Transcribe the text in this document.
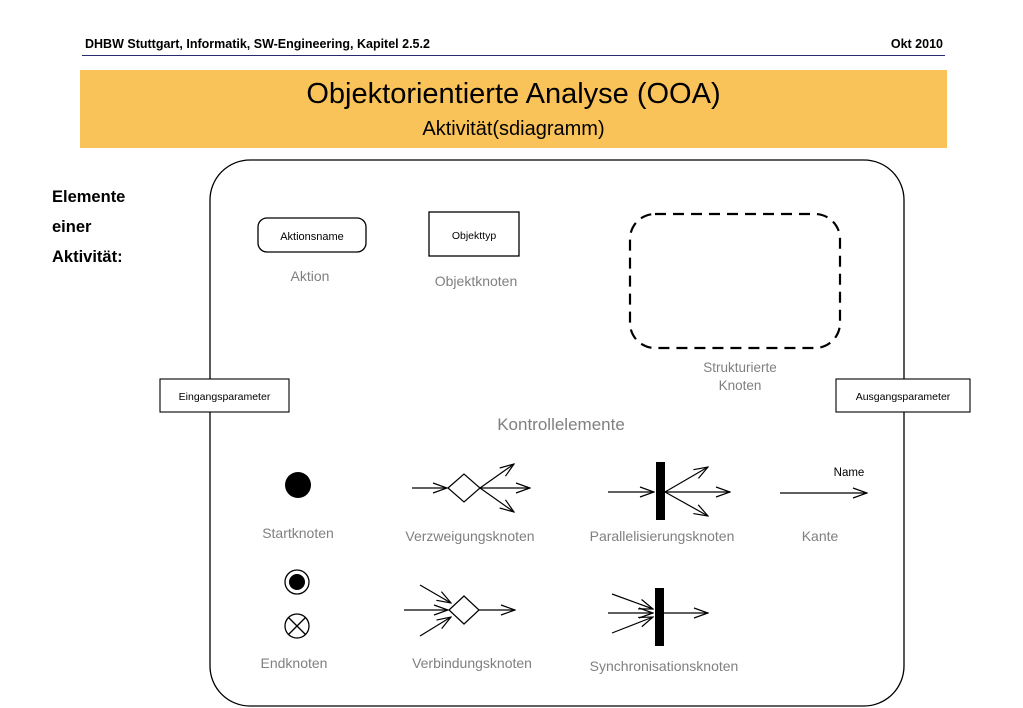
DHBW Stuttgart, Informatik, SW-Engineering, Kapitel 2.5.2	Okt 2010
Objektorientierte Analyse (OOA)
Aktivität(sdiagramm)
Elemente
einer
Aktivität:
Aktionsname
Aktion
Objekttyp
Objektknoten
Strukturierte
Knoten
Eingangsparameter	Ausgangsparameter
Kontrollelemente
Startknoten	Verzweigungsknoten	Parallelisierungsknoten
Name
Kante
Endknoten	Verbindungsknoten	Synchronisationsknoten
